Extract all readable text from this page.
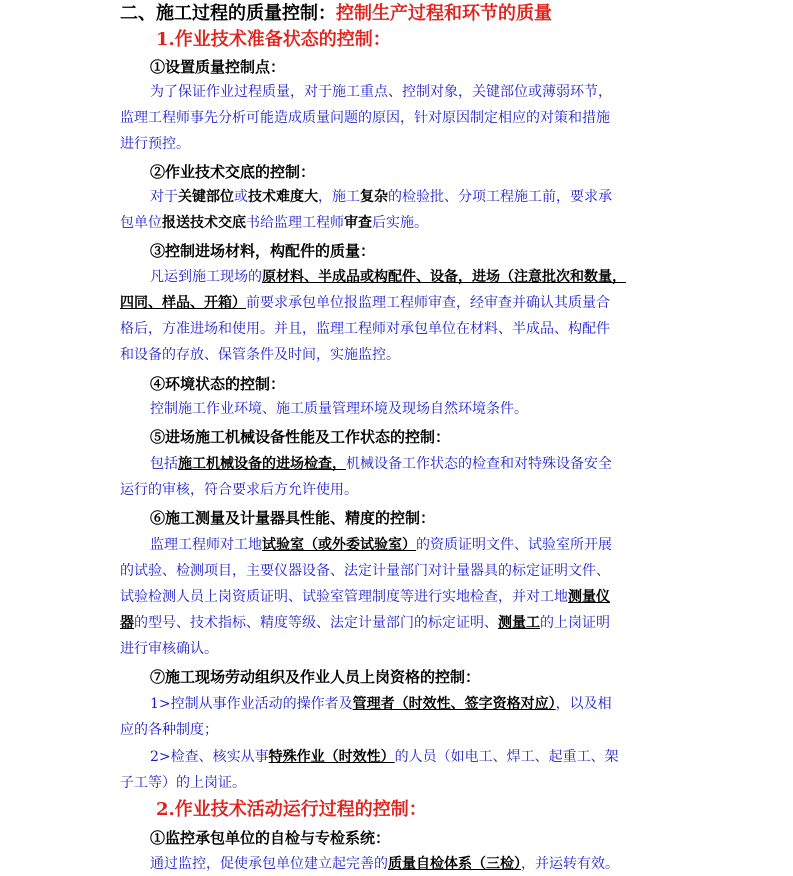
二、施工过程的质量控制：控制生产过程和环节的质量
1.作业技术准备状态的控制：
①设置质量控制点：
为了保证作业过程质量，对于施工重点、控制对象，关键部位或薄弱环节，
监理工程师事先分析可能造成质量问题的原因，针对原因制定相应的对策和措施
进行预控。
②作业技术交底的控制：
对于关键部位或技术难度大，施工复杂的检验批、分项工程施工前，要求承
包单位报送技术交底书给监理工程师审查后实施。
③控制进场材料，构配件的质量：
凡运到施工现场的原材料、半成品或构配件、设备，进场（注意批次和数量，
四同、样品、开箱）前要求承包单位报监理工程师审查，经审查并确认其质量合
格后，方准进场和使用。并且，监理工程师对承包单位在材料、半成品、构配件
和设备的存放、保管条件及时间，实施监控。
④环境状态的控制：
控制施工作业环境、施工质量管理环境及现场自然环境条件。
⑤进场施工机械设备性能及工作状态的控制：
包括施工机械设备的进场检查，机械设备工作状态的检查和对特殊设备安全
运行的审核，符合要求后方允许使用。
⑥施工测量及计量器具性能、精度的控制：
监理工程师对工地试验室（或外委试验室）的资质证明文件、试验室所开展
的试验、检测项目，主要仪器设备、法定计量部门对计量器具的标定证明文件、
试验检测人员上岗资质证明、试验室管理制度等进行实地检查，并对工地测量仪
器的型号、技术指标、精度等级、法定计量部门的标定证明、测量工的上岗证明
进行审核确认。
⑦施工现场劳动组织及作业人员上岗资格的控制：
1>控制从事作业活动的操作者及管理者（时效性、签字资格对应），以及相
应的各种制度；
2>检查、核实从事特殊作业（时效性）的人员（如电工、焊工、起重工、架
子工等）的上岗证。
2.作业技术活动运行过程的控制：
①监控承包单位的自检与专检系统：
通过监控，促使承包单位建立起完善的质量自检体系（三检），并运转有效。
